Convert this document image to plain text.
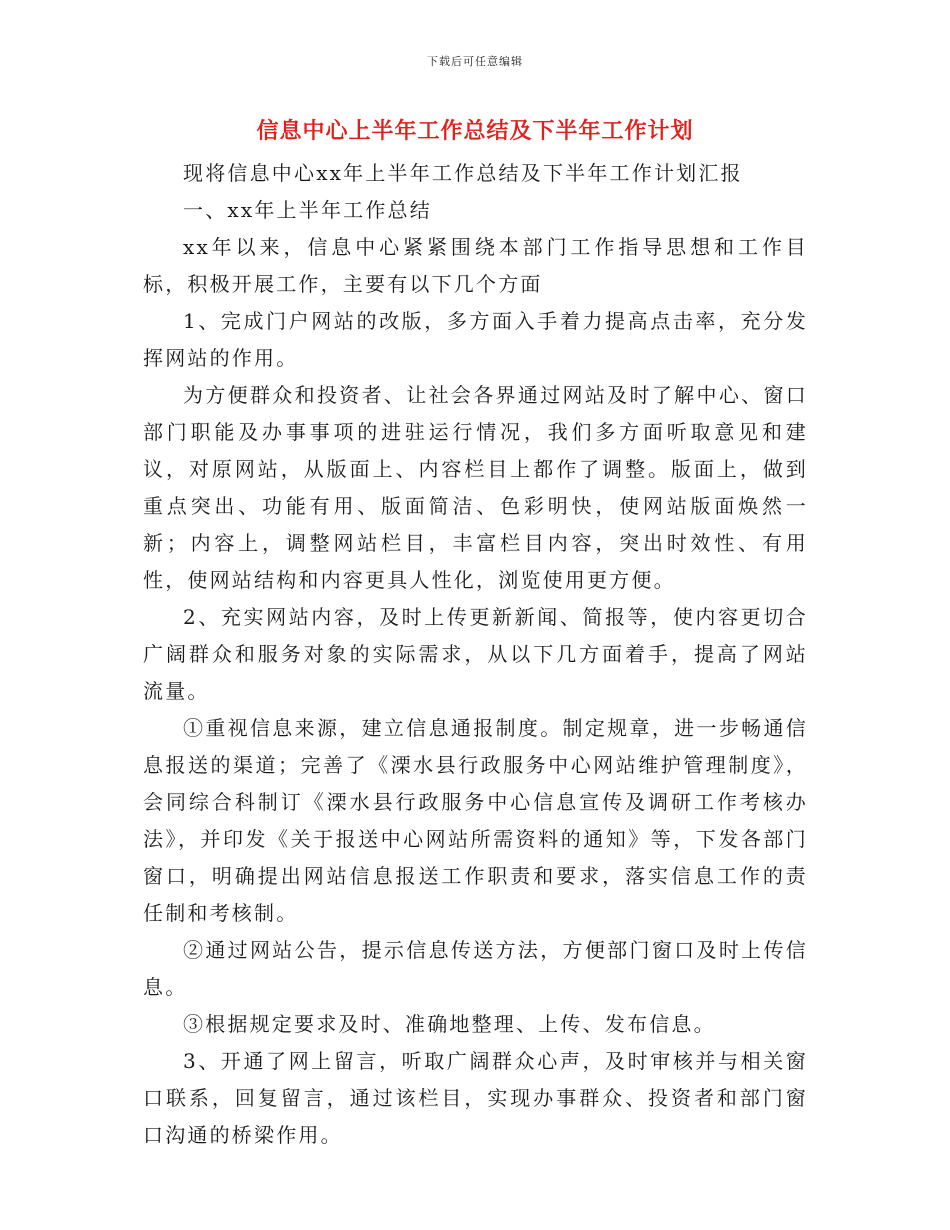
下载后可任意编辑
信息中心上半年工作总结及下半年工作计划

现将信息中心xx年上半年工作总结及下半年工作计划汇报

一、xx年上半年工作总结

xx年以来，信息中心紧紧围绕本部门工作指导思想和工作目标，积极开展工作，主要有以下几个方面

1、完成门户网站的改版，多方面入手着力提高点击率，充分发挥网站的作用。

为方便群众和投资者、让社会各界通过网站及时了解中心、窗口部门职能及办事事项的进驻运行情况，我们多方面听取意见和建议，对原网站，从版面上、内容栏目上都作了调整。版面上，做到重点突出、功能有用、版面简洁、色彩明快，使网站版面焕然一新；内容上，调整网站栏目，丰富栏目内容，突出时效性、有用性，使网站结构和内容更具人性化，浏览使用更方便。

2、充实网站内容，及时上传更新新闻、简报等，使内容更切合广阔群众和服务对象的实际需求，从以下几方面着手，提高了网站流量。

①重视信息来源，建立信息通报制度。制定规章，进一步畅通信息报送的渠道；完善了《溧水县行政服务中心网站维护管理制度》，会同综合科制订《溧水县行政服务中心信息宣传及调研工作考核办法》，并印发《关于报送中心网站所需资料的通知》等，下发各部门窗口，明确提出网站信息报送工作职责和要求，落实信息工作的责任制和考核制。

②通过网站公告，提示信息传送方法，方便部门窗口及时上传信息。

③根据规定要求及时、准确地整理、上传、发布信息。

3、开通了网上留言，听取广阔群众心声，及时审核并与相关窗口联系，回复留言，通过该栏目，实现办事群众、投资者和部门窗口沟通的桥梁作用。
